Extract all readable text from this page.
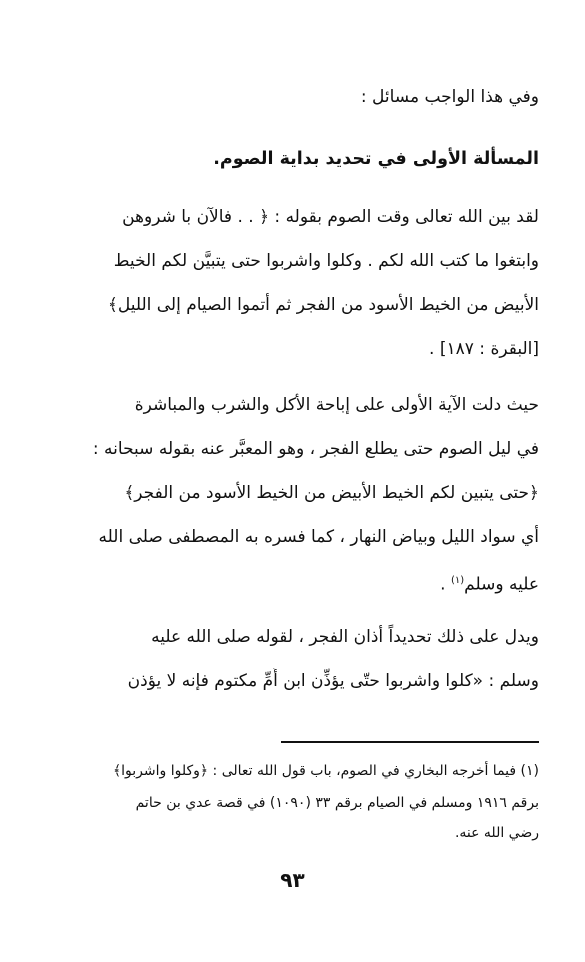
وفي هذا الواجب مسائل :
المسألة الأولى في تحديد بداية الصوم.
لقد بين الله تعالى وقت الصوم بقوله : ﴿ . . فالآن با شروهن
وابتغوا ما كتب الله لكم . وكلوا واشربوا حتى يتبيَّن لكم الخيط
الأبيض من الخيط الأسود من الفجر ثم أتموا الصيام إلى الليل﴾
[البقرة : ١٨٧] .
حيث دلت الآية الأولى على إباحة الأكل والشرب والمباشرة
في ليل الصوم حتى يطلع الفجر ، وهو المعبَّر عنه بقوله سبحانه :
﴿حتى يتبين لكم الخيط الأبيض من الخيط الأسود من الفجر﴾
أي سواد الليل وبياض النهار ، كما فسره به المصطفى صلى الله
عليه وسلم$^{(١)}$ .
ويدل على ذلك تحديداً أذان الفجر ، لقوله صلى الله عليه
وسلم : «كلوا واشربوا حتّى يؤذِّن ابن أُمِّ مكتوم فإنه لا يؤذن
(١) فيما أخرجه البخاري في الصوم، باب قول الله تعالى : ﴿وكلوا واشربوا﴾
برقم ١٩١٦ ومسلم في الصيام برقم ٣٣ (١٠٩٠) في قصة عدي بن حاتم
رضي الله عنه.
٩٣
